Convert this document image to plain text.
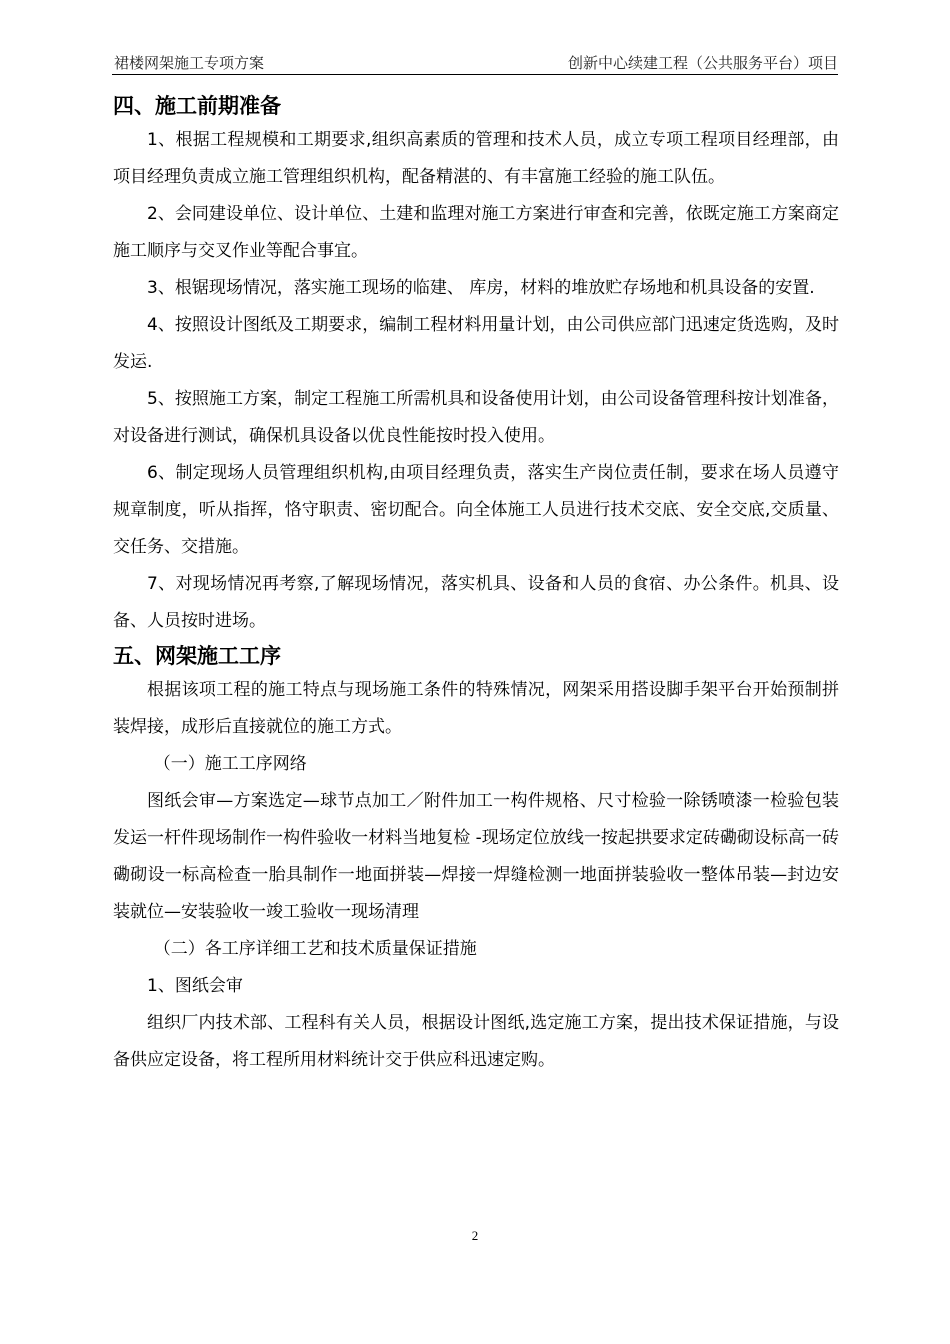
裙楼网架施工专项方案	创新中心续建工程（公共服务平台）项目
四、施工前期准备

1、根据工程规模和工期要求,组织高素质的管理和技术人员，成立专项工程项目经理部，由项目经理负责成立施工管理组织机构，配备精湛的、有丰富施工经验的施工队伍。

2、会同建设单位、设计单位、土建和监理对施工方案进行审查和完善，依既定施工方案商定施工顺序与交叉作业等配合事宜。

3、根锯现场情况，落实施工现场的临建、 库房，材料的堆放贮存场地和机具设备的安置.

4、按照设计图纸及工期要求，编制工程材料用量计划，由公司供应部门迅速定货选购，及时发运.

5、按照施工方案，制定工程施工所需机具和设备使用计划，由公司设备管理科按计划准备，对设备进行测试，确保机具设备以优良性能按时投入使用。

6、制定现场人员管理组织机构,由项目经理负责，落实生产岗位责任制，要求在场人员遵守规章制度，听从指挥，恪守职责、密切配合。向全体施工人员进行技术交底、安全交底,交质量、交任务、交措施。

7、对现场情况再考察,了解现场情况，落实机具、设备和人员的食宿、办公条件。机具、设备、人员按时进场。

五、网架施工工序

根据该项工程的施工特点与现场施工条件的特殊情况，网架采用搭设脚手架平台开始预制拼装焊接，成形后直接就位的施工方式。

（一）施工工序网络

图纸会审—方案选定—球节点加工／附件加工一构件规格、尺寸检验一除锈喷漆一检验包装发运一杆件现场制作一构件验收一材料当地复检 -现场定位放线一按起拱要求定砖磡砌设标高一砖磡砌设一标高检查一胎具制作一地面拼装—焊接一焊缝检测一地面拼装验收一整体吊装—封边安装就位—安装验收一竣工验收一现场清理

（二）各工序详细工艺和技术质量保证措施

1、图纸会审

组织厂内技术部、工程科有关人员，根据设计图纸,选定施工方案，提出技术保证措施，与设备供应定设备，将工程所用材料统计交于供应科迅速定购。

2
